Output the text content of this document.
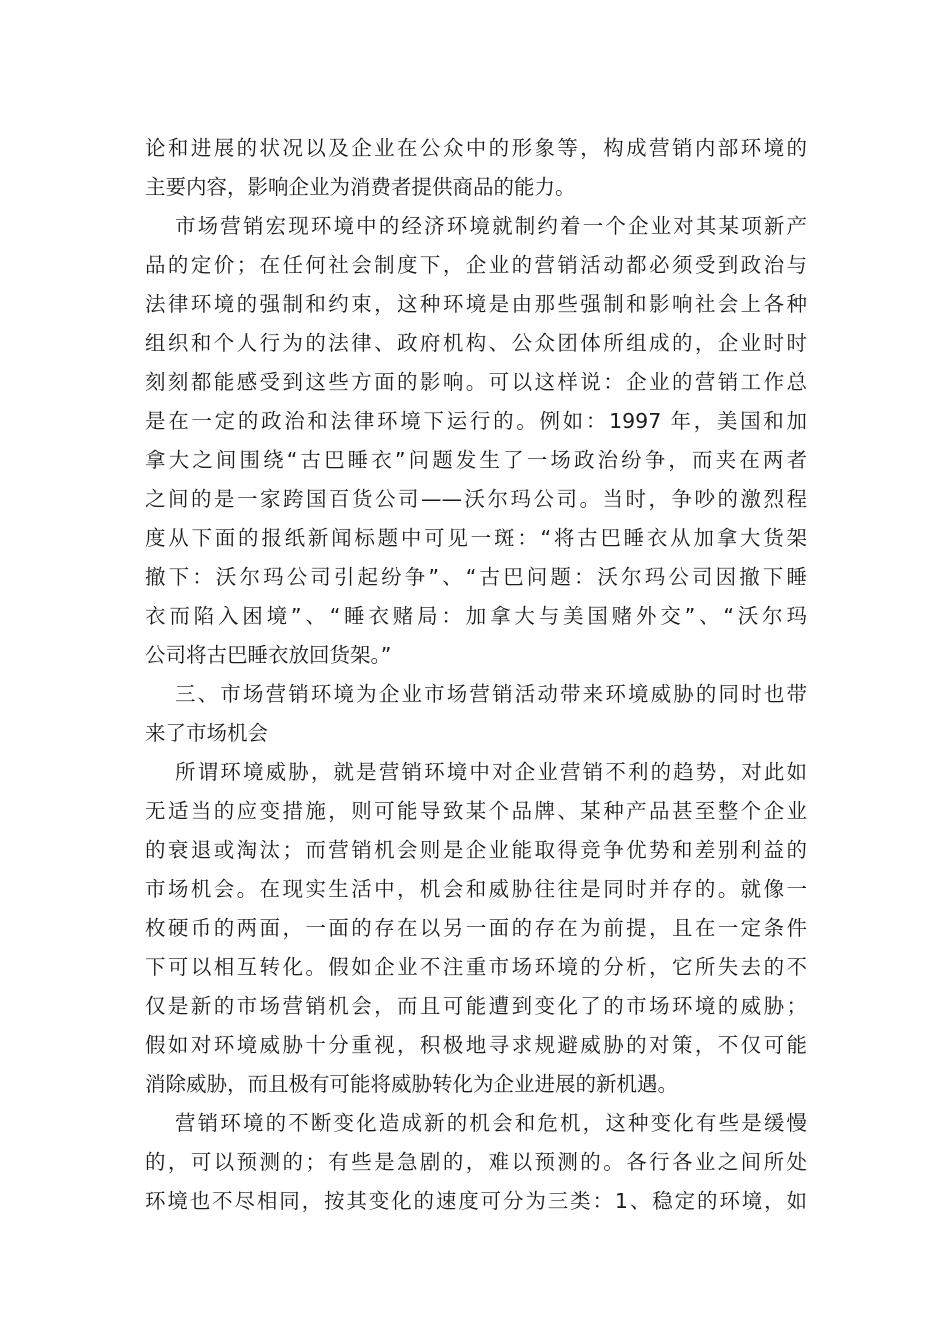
论和进展的状况以及企业在公众中的形象等，构成营销内部环境的
主要内容，影响企业为消费者提供商品的能力。
市场营销宏现环境中的经济环境就制约着一个企业对其某项新产
品的定价；在任何社会制度下，企业的营销活动都必须受到政治与
法律环境的强制和约束，这种环境是由那些强制和影响社会上各种
组织和个人行为的法律、政府机构、公众团体所组成的，企业时时
刻刻都能感受到这些方面的影响。可以这样说：企业的营销工作总
是在一定的政治和法律环境下运行的。例如：1997 年，美国和加
拿大之间围绕“古巴睡衣”问题发生了一场政治纷争，而夹在两者
之间的是一家跨国百货公司——沃尔玛公司。当时，争吵的激烈程
度从下面的报纸新闻标题中可见一斑：“将古巴睡衣从加拿大货架
撤下：沃尔玛公司引起纷争”、“古巴问题：沃尔玛公司因撤下睡
衣而陷入困境”、“睡衣赌局：加拿大与美国赌外交”、“沃尔玛
公司将古巴睡衣放回货架。”
三、市场营销环境为企业市场营销活动带来环境威胁的同时也带
来了市场机会
所谓环境威胁，就是营销环境中对企业营销不利的趋势，对此如
无适当的应变措施，则可能导致某个品牌、某种产品甚至整个企业
的衰退或淘汰；而营销机会则是企业能取得竞争优势和差别利益的
市场机会。在现实生活中，机会和威胁往往是同时并存的。就像一
枚硬币的两面，一面的存在以另一面的存在为前提，且在一定条件
下可以相互转化。假如企业不注重市场环境的分析，它所失去的不
仅是新的市场营销机会，而且可能遭到变化了的市场环境的威胁；
假如对环境威胁十分重视，积极地寻求规避威胁的对策，不仅可能
消除威胁，而且极有可能将威胁转化为企业进展的新机遇。
营销环境的不断变化造成新的机会和危机，这种变化有些是缓慢
的，可以预测的；有些是急剧的，难以预测的。各行各业之间所处
环境也不尽相同，按其变化的速度可分为三类：1、稳定的环境，如
